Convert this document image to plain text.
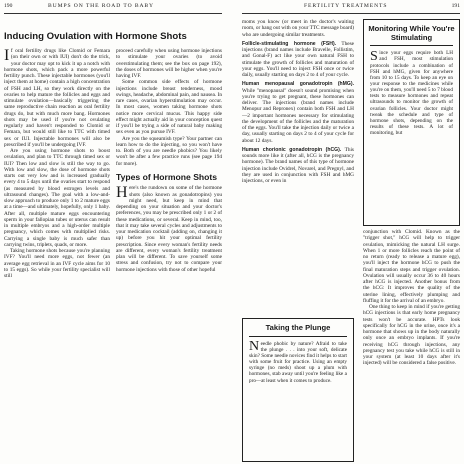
190	BUMPS ON THE ROAD TO BABY	FERTILITY TREATMENTS	191
Inducing Ovulation with Hormone Shots

If oral fertility drugs like Clomid or Femara (on their own or with IUI) don't do the trick, your doctor may opt to kick it up a notch with hormone shots, which pack a more powerful fertility punch. These injectable hormones (you'll inject them at home) contain a high concentration of FSH and LH, so they work directly on the ovaries to help mature the follicles and eggs and stimulate ovulation—basically triggering the same reproductive chain reaction as oral fertility drugs do, but with much more bang. Hormones shots may be used if you're not ovulating regularly and haven't responded to Clomid or Femara, but would still like to TTC with timed sex or IUI. Injectable hormones will also be prescribed if you'll be undergoing IVF.

Are you using hormone shots to boost ovulation, and plan to TTC through timed sex or IUI? Then low and slow is still the way to go. With low and slow, the dose of hormone shots starts out very low and is increased gradually every 4 to 5 days until the ovaries start to respond (as measured by blood estrogen levels and ultrasound changes). The goal with a low-and-slow approach to produce only 1 to 2 mature eggs at a time—and ultimately, hopefully, only 1 baby. After all, multiple mature eggs encountering sperm in your fallopian tubes or uterus can result in multiple embryos and a high-order multiple pregnancy, which comes with multiplied risks. Carrying a single baby is much safer than carrying twins, triplets, quads, or more.

Taking hormone shots because you're planning IVF? You'll need more eggs, not fewer (an average egg retrieval in an IVF cycle aims for 10 to 15 eggs). So while your fertility specialist will still

proceed carefully when using hormone injections to stimulate your ovaries (to avoid overstimulating them; see the box on page 192), the doses of hormones will be higher when you're having IVF.

Some common side effects of hormone injections include breast tenderness, mood swings, headache, abdominal pain, and nausea. In rare cases, ovarian hyperstimulation may occur. In most cases, women taking hormone shots notice more cervical mucus. This happy side effect might actually aid in your conception quest if you'll be trying a side of natural baby making sex even as you pursue IVF.

Are you the squeamish type? Your partner can learn how to do the injecting, so you won't have to. Both of you are needle phobics? You likely won't be after a few practice runs (see page 194 for more).

Types of Hormone Shots

Here's the rundown on some of the hormone shots (also known as gonadotropins) you might need, but keep in mind that depending on your situation and your doctor's preferences, you may be prescribed only 1 or 2 of these medications, or several. Keep in mind, too, that it may take several cycles and adjustments to your medication cocktail (adding on, changing it up) before you hit your optimal fertility prescription. Since every woman's fertility needs are different, every woman's fertility treatment plan will be different. To save yourself some stress and confusion, try not to compare your hormone injections with those of other hopeful

moms you know (or meet in the doctor's waiting room, or hang out with on your TTC message board) who are undergoing similar treatments.

Follicle-stimulating hormone (FSH). These injections (brand names include Bravelle, Follistim, and Gonal-F) act like your own natural FSH to stimulate the growth of follicles and maturation of your eggs. You'll need to inject FSH once or twice daily, usually starting on days 2 to 4 of your cycle.

Human menopausal gonadotropin (hMG). While "menopausal" doesn't sound promising when you're trying to get pregnant, these hormones can deliver. The injections (brand names include Menopur and Repronex) contain both FSH and LH—2 important hormones necessary for stimulating the development of the follicles and the maturation of the eggs. You'll take the injection daily or twice a day, usually starting on days 2 to 4 of your cycle for about 12 days.

Human chorionic gonadotropin (hCG). This sounds more like it (after all, hCG is the pregnancy hormone). The brand names of this type of hormone injection include Ovidrel, Novarel, and Pregnyl, and they are used in conjunction with FSH and hMG injections, or even in

Monitoring While You're Stimulating
Since your eggs require both LH and FSH, most stimulation protocols include a combination of FSH and hMG, given for anywhere from 10 to 15 days. To keep an eye on your response to the medicines while you're on them, you'll need 5 to 7 blood tests to measure hormones and repeat ultrasounds to monitor the growth of ovarian follicles. Your doctor might tweak the schedule and type of hormone shots, depending on the results of these tests. A lot of monitoring, but

conjunction with Clomid. Known as the "trigger shot," hCG will help to trigger ovulation, mimicking the natural LH surge. When 1 or more follicles reach the point of no return (ready to release a mature egg), you'll inject the hormone hCG to push the final maturation steps and trigger ovulation. Ovulation will usually occur 36 to 40 hours after hCG is injected. Another bonus from the hCG: It improves the quality of the uterine lining, effectively plumping and fluffing it for the arrival of an embryo.

One thing to keep in mind if you're getting hCG injections is that early home pregnancy tests won't be accurate. HPTs look specifically for hCG in the urine, once it's a hormone that shows up in the body naturally only once an embryo implants. If you're receiving hCG through injections, any pregnancy test you take while hCG is still in your system (at least 10 days after it's injected) will be considered a false positive.

Taking the Plunge
Needle phobic by nature? Afraid to take the plunge . . . into your soft, delicate skin? Some needle novices find it helps to start with some fruit for practice. Using an empty syringe (no meds) shoot up a plum with hormones, stab away until you're feeling like a pro—at least when it comes to produce.
